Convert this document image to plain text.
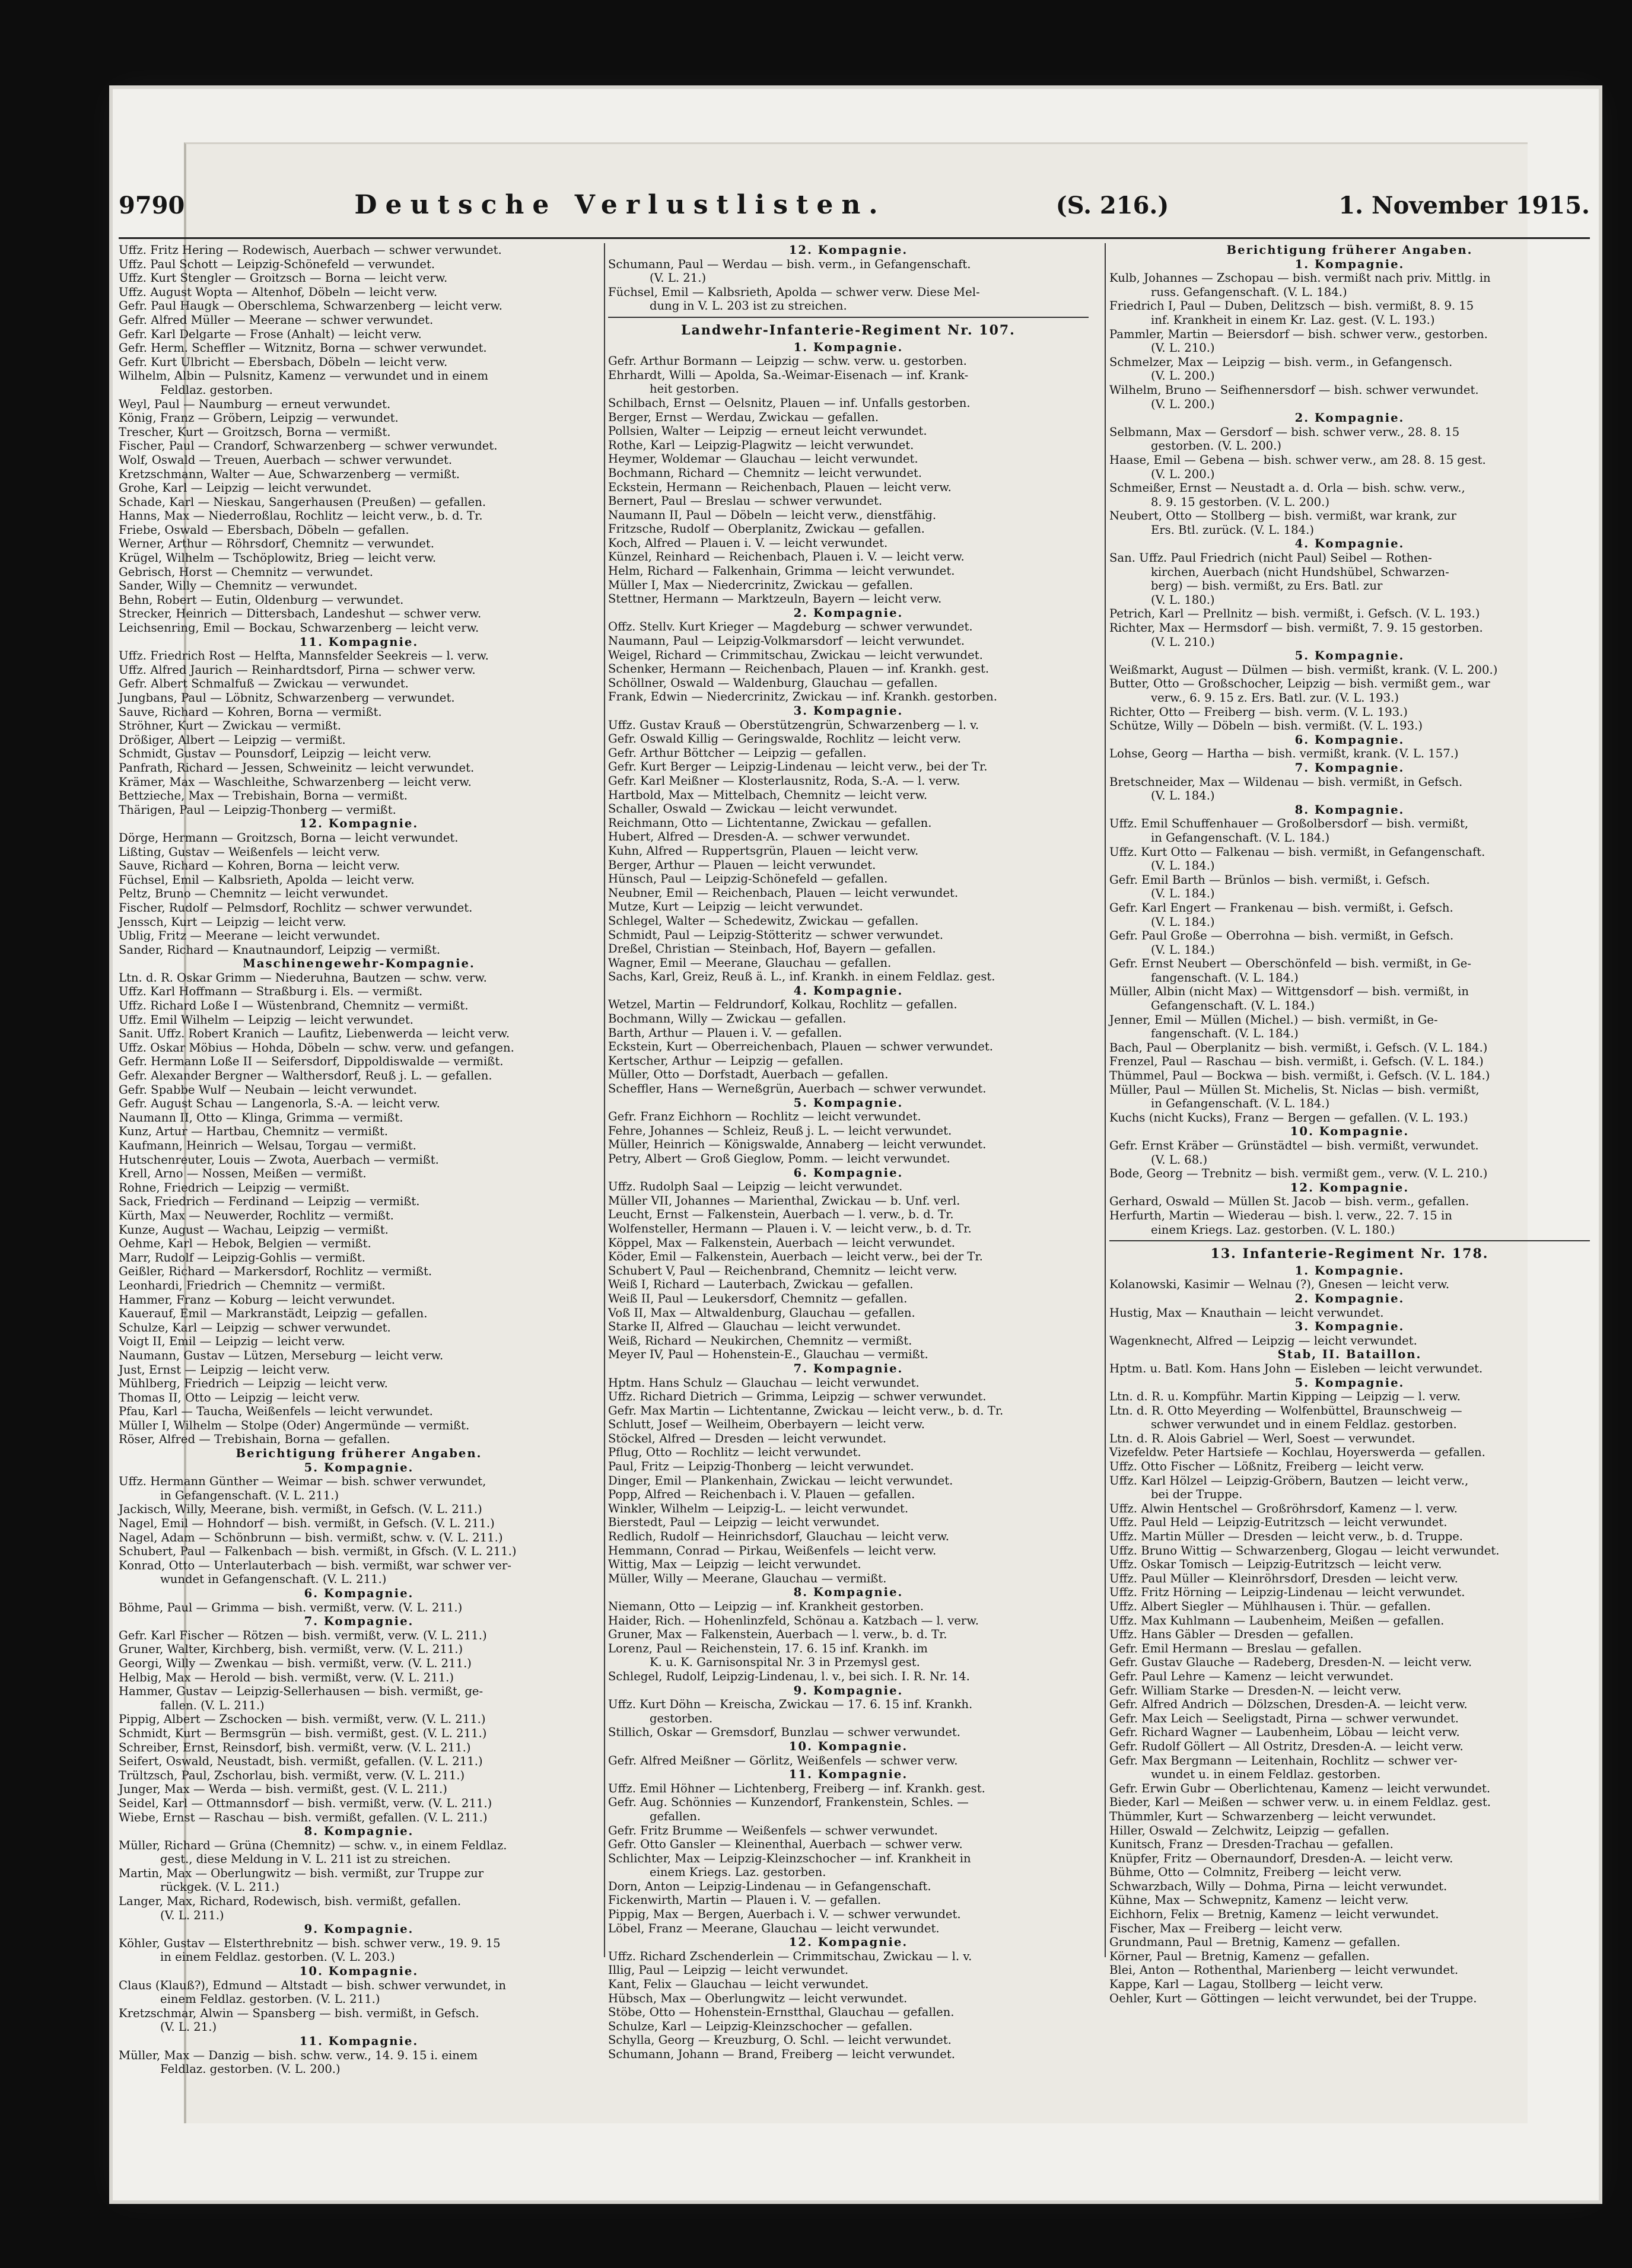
9790	Deutsche Verlustlisten.	(S. 216.)	1. November 1915.
Uffz. Fritz Hering — Rodewisch, Auerbach — schwer verwundet.
Uffz. Paul Schott — Leipzig-Schönefeld — verwundet.
Uffz. Kurt Stengler — Groitzsch — Borna — leicht verw.
Uffz. August Wopta — Altenhof, Döbeln — leicht verw.
Gefr. Paul Haugk — Oberschlema, Schwarzenberg — leicht verw.
Gefr. Alfred Müller — Meerane — schwer verwundet.
Gefr. Karl Delgarte — Frose (Anhalt) — leicht verw.
Gefr. Herm. Scheffler — Witznitz, Borna — schwer verwundet.
Gefr. Kurt Ulbricht — Ebersbach, Döbeln — leicht verw.
Wilhelm, Albin — Pulsnitz, Kamenz — verwundet und in einem
Feldlaz. gestorben.
Weyl, Paul — Naumburg — erneut verwundet.
König, Franz — Gröbern, Leipzig — verwundet.
Trescher, Kurt — Groitzsch, Borna — vermißt.
Fischer, Paul — Crandorf, Schwarzenberg — schwer verwundet.
Wolf, Oswald — Treuen, Auerbach — schwer verwundet.
Kretzschmann, Walter — Aue, Schwarzenberg — vermißt.
Grohe, Karl — Leipzig — leicht verwundet.
Schade, Karl — Nieskau, Sangerhausen (Preußen) — gefallen.
Hanns, Max — Niederroßlau, Rochlitz — leicht verw., b. d. Tr.
Friebe, Oswald — Ebersbach, Döbeln — gefallen.
Werner, Arthur — Röhrsdorf, Chemnitz — verwundet.
Krügel, Wilhelm — Tschöplowitz, Brieg — leicht verw.
Gebrisch, Horst — Chemnitz — verwundet.
Sander, Willy — Chemnitz — verwundet.
Behn, Robert — Eutin, Oldenburg — verwundet.
Strecker, Heinrich — Dittersbach, Landeshut — schwer verw.
Leichsenring, Emil — Bockau, Schwarzenberg — leicht verw.
11. Kompagnie.
Uffz. Friedrich Rost — Helfta, Mannsfelder Seekreis — l. verw.
Uffz. Alfred Jaurich — Reinhardtsdorf, Pirna — schwer verw.
Gefr. Albert Schmalfuß — Zwickau — verwundet.
Jungbans, Paul — Löbnitz, Schwarzenberg — verwundet.
Sauve, Richard — Kohren, Borna — vermißt.
Ströhner, Kurt — Zwickau — vermißt.
Drößiger, Albert — Leipzig — vermißt.
Schmidt, Gustav — Pounsdorf, Leipzig — leicht verw.
Panfrath, Richard — Jessen, Schweinitz — leicht verwundet.
Krämer, Max — Waschleithe, Schwarzenberg — leicht verw.
Bettzieche, Max — Trebishain, Borna — vermißt.
Thärigen, Paul — Leipzig-Thonberg — vermißt.
12. Kompagnie.
Dörge, Hermann — Groitzsch, Borna — leicht verwundet.
Lißting, Gustav — Weißenfels — leicht verw.
Sauve, Richard — Kohren, Borna — leicht verw.
Füchsel, Emil — Kalbsrieth, Apolda — leicht verw.
Peltz, Bruno — Chemnitz — leicht verwundet.
Fischer, Rudolf — Pelmsdorf, Rochlitz — schwer verwundet.
Jenssch, Kurt — Leipzig — leicht verw.
Ublig, Fritz — Meerane — leicht verwundet.
Sander, Richard — Knautnaundorf, Leipzig — vermißt.
Maschinengewehr-Kompagnie.
Ltn. d. R. Oskar Grimm — Niederuhna, Bautzen — schw. verw.
Uffz. Karl Hoffmann — Straßburg i. Els. — vermißt.
Uffz. Richard Loße I — Wüstenbrand, Chemnitz — vermißt.
Uffz. Emil Wilhelm — Leipzig — leicht verwundet.
Sanit. Uffz. Robert Kranich — Laufitz, Liebenwerda — leicht verw.
Uffz. Oskar Möbius — Hohda, Döbeln — schw. verw. und gefangen.
Gefr. Hermann Loße II — Seifersdorf, Dippoldiswalde — vermißt.
Gefr. Alexander Bergner — Walthersdorf, Reuß j. L. — gefallen.
Gefr. Spabbe Wulf — Neubain — leicht verwundet.
Gefr. August Schau — Langenorla, S.-A. — leicht verw.
Naumann II, Otto — Klinga, Grimma — vermißt.
Kunz, Artur — Hartbau, Chemnitz — vermißt.
Kaufmann, Heinrich — Welsau, Torgau — vermißt.
Hutschenreuter, Louis — Zwota, Auerbach — vermißt.
Krell, Arno — Nossen, Meißen — vermißt.
Rohne, Friedrich — Leipzig — vermißt.
Sack, Friedrich — Ferdinand — Leipzig — vermißt.
Kürth, Max — Neuwerder, Rochlitz — vermißt.
Kunze, August — Wachau, Leipzig — vermißt.
Oehme, Karl — Hebok, Belgien — vermißt.
Marr, Rudolf — Leipzig-Gohlis — vermißt.
Geißler, Richard — Markersdorf, Rochlitz — vermißt.
Leonhardi, Friedrich — Chemnitz — vermißt.
Hammer, Franz — Koburg — leicht verwundet.
Kauerauf, Emil — Markranstädt, Leipzig — gefallen.
Schulze, Karl — Leipzig — schwer verwundet.
Voigt II, Emil — Leipzig — leicht verw.
Naumann, Gustav — Lützen, Merseburg — leicht verw.
Just, Ernst — Leipzig — leicht verw.
Mühlberg, Friedrich — Leipzig — leicht verw.
Thomas II, Otto — Leipzig — leicht verw.
Pfau, Karl — Taucha, Weißenfels — leicht verwundet.
Müller I, Wilhelm — Stolpe (Oder) Angermünde — vermißt.
Röser, Alfred — Trebishain, Borna — gefallen.
Berichtigung früherer Angaben.
5. Kompagnie.
Uffz. Hermann Günther — Weimar — bish. schwer verwundet,
in Gefangenschaft. (V. L. 211.)
Jackisch, Willy, Meerane, bish. vermißt, in Gefsch. (V. L. 211.)
Nagel, Emil — Hohndorf — bish. vermißt, in Gefsch. (V. L. 211.)
Nagel, Adam — Schönbrunn — bish. vermißt, schw. v. (V. L. 211.)
Schubert, Paul — Falkenbach — bish. vermißt, in Gfsch. (V. L. 211.)
Konrad, Otto — Unterlauterbach — bish. vermißt, war schwer ver-
wundet in Gefangenschaft. (V. L. 211.)
6. Kompagnie.
Böhme, Paul — Grimma — bish. vermißt, verw. (V. L. 211.)
7. Kompagnie.
Gefr. Karl Fischer — Rötzen — bish. vermißt, verw. (V. L. 211.)
Gruner, Walter, Kirchberg, bish. vermißt, verw. (V. L. 211.)
Georgi, Willy — Zwenkau — bish. vermißt, verw. (V. L. 211.)
Helbig, Max — Herold — bish. vermißt, verw. (V. L. 211.)
Hammer, Gustav — Leipzig-Sellerhausen — bish. vermißt, ge-
fallen. (V. L. 211.)
Pippig, Albert — Zschocken — bish. vermißt, verw. (V. L. 211.)
Schmidt, Kurt — Bermsgrün — bish. vermißt, gest. (V. L. 211.)
Schreiber, Ernst, Reinsdorf, bish. vermißt, verw. (V. L. 211.)
Seifert, Oswald, Neustadt, bish. vermißt, gefallen. (V. L. 211.)
Trültzsch, Paul, Zschorlau, bish. vermißt, verw. (V. L. 211.)
Junger, Max — Werda — bish. vermißt, gest. (V. L. 211.)
Seidel, Karl — Ottmannsdorf — bish. vermißt, verw. (V. L. 211.)
Wiebe, Ernst — Raschau — bish. vermißt, gefallen. (V. L. 211.)
8. Kompagnie.
Müller, Richard — Grüna (Chemnitz) — schw. v., in einem Feldlaz.
gest., diese Meldung in V. L. 211 ist zu streichen.
Martin, Max — Oberlungwitz — bish. vermißt, zur Truppe zur
rückgek. (V. L. 211.)
Langer, Max, Richard, Rodewisch, bish. vermißt, gefallen.
(V. L. 211.)
9. Kompagnie.
Köhler, Gustav — Elsterthrebnitz — bish. schwer verw., 19. 9. 15
in einem Feldlaz. gestorben. (V. L. 203.)
10. Kompagnie.
Claus (Klauß?), Edmund — Altstadt — bish. schwer verwundet, in
einem Feldlaz. gestorben. (V. L. 211.)
Kretzschmar, Alwin — Spansberg — bish. vermißt, in Gefsch.
(V. L. 21.)
11. Kompagnie.
Müller, Max — Danzig — bish. schw. verw., 14. 9. 15 i. einem
Feldlaz. gestorben. (V. L. 200.)
12. Kompagnie.
Schumann, Paul — Werdau — bish. verm., in Gefangenschaft.
(V. L. 21.)
Füchsel, Emil — Kalbsrieth, Apolda — schwer verw. Diese Mel-
dung in V. L. 203 ist zu streichen.
Landwehr-Infanterie-Regiment Nr. 107.
1. Kompagnie.
Gefr. Arthur Bormann — Leipzig — schw. verw. u. gestorben.
Ehrhardt, Willi — Apolda, Sa.-Weimar-Eisenach — inf. Krank-
heit gestorben.
Schilbach, Ernst — Oelsnitz, Plauen — inf. Unfalls gestorben.
Berger, Ernst — Werdau, Zwickau — gefallen.
Pollsien, Walter — Leipzig — erneut leicht verwundet.
Rothe, Karl — Leipzig-Plagwitz — leicht verwundet.
Heymer, Woldemar — Glauchau — leicht verwundet.
Bochmann, Richard — Chemnitz — leicht verwundet.
Eckstein, Hermann — Reichenbach, Plauen — leicht verw.
Bernert, Paul — Breslau — schwer verwundet.
Naumann II, Paul — Döbeln — leicht verw., dienstfähig.
Fritzsche, Rudolf — Oberplanitz, Zwickau — gefallen.
Koch, Alfred — Plauen i. V. — leicht verwundet.
Künzel, Reinhard — Reichenbach, Plauen i. V. — leicht verw.
Helm, Richard — Falkenhain, Grimma — leicht verwundet.
Müller I, Max — Niedercrinitz, Zwickau — gefallen.
Stettner, Hermann — Marktzeuln, Bayern — leicht verw.
2. Kompagnie.
Offz. Stellv. Kurt Krieger — Magdeburg — schwer verwundet.
Naumann, Paul — Leipzig-Volkmarsdorf — leicht verwundet.
Weigel, Richard — Crimmitschau, Zwickau — leicht verwundet.
Schenker, Hermann — Reichenbach, Plauen — inf. Krankh. gest.
Schöllner, Oswald — Waldenburg, Glauchau — gefallen.
Frank, Edwin — Niedercrinitz, Zwickau — inf. Krankh. gestorben.
3. Kompagnie.
Uffz. Gustav Krauß — Oberstützengrün, Schwarzenberg — l. v.
Gefr. Oswald Killig — Geringswalde, Rochlitz — leicht verw.
Gefr. Arthur Böttcher — Leipzig — gefallen.
Gefr. Kurt Berger — Leipzig-Lindenau — leicht verw., bei der Tr.
Gefr. Karl Meißner — Klosterlausnitz, Roda, S.-A. — l. verw.
Hartbold, Max — Mittelbach, Chemnitz — leicht verw.
Schaller, Oswald — Zwickau — leicht verwundet.
Reichmann, Otto — Lichtentanne, Zwickau — gefallen.
Hubert, Alfred — Dresden-A. — schwer verwundet.
Kuhn, Alfred — Ruppertsgrün, Plauen — leicht verw.
Berger, Arthur — Plauen — leicht verwundet.
Hünsch, Paul — Leipzig-Schönefeld — gefallen.
Neubner, Emil — Reichenbach, Plauen — leicht verwundet.
Mutze, Kurt — Leipzig — leicht verwundet.
Schlegel, Walter — Schedewitz, Zwickau — gefallen.
Schmidt, Paul — Leipzig-Stötteritz — schwer verwundet.
Dreßel, Christian — Steinbach, Hof, Bayern — gefallen.
Wagner, Emil — Meerane, Glauchau — gefallen.
Sachs, Karl, Greiz, Reuß ä. L., inf. Krankh. in einem Feldlaz. gest.
4. Kompagnie.
Wetzel, Martin — Feldrundorf, Kolkau, Rochlitz — gefallen.
Bochmann, Willy — Zwickau — gefallen.
Barth, Arthur — Plauen i. V. — gefallen.
Eckstein, Kurt — Oberreichenbach, Plauen — schwer verwundet.
Kertscher, Arthur — Leipzig — gefallen.
Müller, Otto — Dorfstadt, Auerbach — gefallen.
Scheffler, Hans — Werneßgrün, Auerbach — schwer verwundet.
5. Kompagnie.
Gefr. Franz Eichhorn — Rochlitz — leicht verwundet.
Fehre, Johannes — Schleiz, Reuß j. L. — leicht verwundet.
Müller, Heinrich — Königswalde, Annaberg — leicht verwundet.
Petry, Albert — Groß Gieglow, Pomm. — leicht verwundet.
6. Kompagnie.
Uffz. Rudolph Saal — Leipzig — leicht verwundet.
Müller VII, Johannes — Marienthal, Zwickau — b. Unf. verl.
Leucht, Ernst — Falkenstein, Auerbach — l. verw., b. d. Tr.
Wolfensteller, Hermann — Plauen i. V. — leicht verw., b. d. Tr.
Köppel, Max — Falkenstein, Auerbach — leicht verwundet.
Köder, Emil — Falkenstein, Auerbach — leicht verw., bei der Tr.
Schubert V, Paul — Reichenbrand, Chemnitz — leicht verw.
Weiß I, Richard — Lauterbach, Zwickau — gefallen.
Weiß II, Paul — Leukersdorf, Chemnitz — gefallen.
Voß II, Max — Altwaldenburg, Glauchau — gefallen.
Starke II, Alfred — Glauchau — leicht verwundet.
Weiß, Richard — Neukirchen, Chemnitz — vermißt.
Meyer IV, Paul — Hohenstein-E., Glauchau — vermißt.
7. Kompagnie.
Hptm. Hans Schulz — Glauchau — leicht verwundet.
Uffz. Richard Dietrich — Grimma, Leipzig — schwer verwundet.
Gefr. Max Martin — Lichtentanne, Zwickau — leicht verw., b. d. Tr.
Schlutt, Josef — Weilheim, Oberbayern — leicht verw.
Stöckel, Alfred — Dresden — leicht verwundet.
Pflug, Otto — Rochlitz — leicht verwundet.
Paul, Fritz — Leipzig-Thonberg — leicht verwundet.
Dinger, Emil — Plankenhain, Zwickau — leicht verwundet.
Popp, Alfred — Reichenbach i. V. Plauen — gefallen.
Winkler, Wilhelm — Leipzig-L. — leicht verwundet.
Bierstedt, Paul — Leipzig — leicht verwundet.
Redlich, Rudolf — Heinrichsdorf, Glauchau — leicht verw.
Hemmann, Conrad — Pirkau, Weißenfels — leicht verw.
Wittig, Max — Leipzig — leicht verwundet.
Müller, Willy — Meerane, Glauchau — vermißt.
8. Kompagnie.
Niemann, Otto — Leipzig — inf. Krankheit gestorben.
Haider, Rich. — Hohenlinzfeld, Schönau a. Katzbach — l. verw.
Gruner, Max — Falkenstein, Auerbach — l. verw., b. d. Tr.
Lorenz, Paul — Reichenstein, 17. 6. 15 inf. Krankh. im
K. u. K. Garnisonspital Nr. 3 in Przemysl gest.
Schlegel, Rudolf, Leipzig-Lindenau, l. v., bei sich. I. R. Nr. 14.
9. Kompagnie.
Uffz. Kurt Döhn — Kreischa, Zwickau — 17. 6. 15 inf. Krankh.
gestorben.
Stillich, Oskar — Gremsdorf, Bunzlau — schwer verwundet.
10. Kompagnie.
Gefr. Alfred Meißner — Görlitz, Weißenfels — schwer verw.
11. Kompagnie.
Uffz. Emil Höhner — Lichtenberg, Freiberg — inf. Krankh. gest.
Gefr. Aug. Schönnies — Kunzendorf, Frankenstein, Schles. —
gefallen.
Gefr. Fritz Brumme — Weißenfels — schwer verwundet.
Gefr. Otto Gansler — Kleinenthal, Auerbach — schwer verw.
Schlichter, Max — Leipzig-Kleinzschocher — inf. Krankheit in
einem Kriegs. Laz. gestorben.
Dorn, Anton — Leipzig-Lindenau — in Gefangenschaft.
Fickenwirth, Martin — Plauen i. V. — gefallen.
Pippig, Max — Bergen, Auerbach i. V. — schwer verwundet.
Löbel, Franz — Meerane, Glauchau — leicht verwundet.
12. Kompagnie.
Uffz. Richard Zschenderlein — Crimmitschau, Zwickau — l. v.
Illig, Paul — Leipzig — leicht verwundet.
Kant, Felix — Glauchau — leicht verwundet.
Hübsch, Max — Oberlungwitz — leicht verwundet.
Stöbe, Otto — Hohenstein-Ernstthal, Glauchau — gefallen.
Schulze, Karl — Leipzig-Kleinzschocher — gefallen.
Schylla, Georg — Kreuzburg, O. Schl. — leicht verwundet.
Schumann, Johann — Brand, Freiberg — leicht verwundet.
Berichtigung früherer Angaben.
1. Kompagnie.
Kulb, Johannes — Zschopau — bish. vermißt nach priv. Mittlg. in
russ. Gefangenschaft. (V. L. 184.)
Friedrich I, Paul — Duben, Delitzsch — bish. vermißt, 8. 9. 15
inf. Krankheit in einem Kr. Laz. gest. (V. L. 193.)
Pammler, Martin — Beiersdorf — bish. schwer verw., gestorben.
(V. L. 210.)
Schmelzer, Max — Leipzig — bish. verm., in Gefangensch.
(V. L. 200.)
Wilhelm, Bruno — Seifhennersdorf — bish. schwer verwundet.
(V. L. 200.)
2. Kompagnie.
Selbmann, Max — Gersdorf — bish. schwer verw., 28. 8. 15
gestorben. (V. L. 200.)
Haase, Emil — Gebena — bish. schwer verw., am 28. 8. 15 gest.
(V. L. 200.)
Schmeißer, Ernst — Neustadt a. d. Orla — bish. schw. verw.,
8. 9. 15 gestorben. (V. L. 200.)
Neubert, Otto — Stollberg — bish. vermißt, war krank, zur
Ers. Btl. zurück. (V. L. 184.)
4. Kompagnie.
San. Uffz. Paul Friedrich (nicht Paul) Seibel — Rothen-
kirchen, Auerbach (nicht Hundshübel, Schwarzen-
berg) — bish. vermißt, zu Ers. Batl. zur
(V. L. 180.)
Petrich, Karl — Prellnitz — bish. vermißt, i. Gefsch. (V. L. 193.)
Richter, Max — Hermsdorf — bish. vermißt, 7. 9. 15 gestorben.
(V. L. 210.)
5. Kompagnie.
Weißmarkt, August — Dülmen — bish. vermißt, krank. (V. L. 200.)
Butter, Otto — Großschocher, Leipzig — bish. vermißt gem., war
verw., 6. 9. 15 z. Ers. Batl. zur. (V. L. 193.)
Richter, Otto — Freiberg — bish. verm. (V. L. 193.)
Schütze, Willy — Döbeln — bish. vermißt. (V. L. 193.)
6. Kompagnie.
Lohse, Georg — Hartha — bish. vermißt, krank. (V. L. 157.)
7. Kompagnie.
Bretschneider, Max — Wildenau — bish. vermißt, in Gefsch.
(V. L. 184.)
8. Kompagnie.
Uffz. Emil Schuffenhauer — Großolbersdorf — bish. vermißt,
in Gefangenschaft. (V. L. 184.)
Uffz. Kurt Otto — Falkenau — bish. vermißt, in Gefangenschaft.
(V. L. 184.)
Gefr. Emil Barth — Brünlos — bish. vermißt, i. Gefsch.
(V. L. 184.)
Gefr. Karl Engert — Frankenau — bish. vermißt, i. Gefsch.
(V. L. 184.)
Gefr. Paul Große — Oberrohna — bish. vermißt, in Gefsch.
(V. L. 184.)
Gefr. Ernst Neubert — Oberschönfeld — bish. vermißt, in Ge-
fangenschaft. (V. L. 184.)
Müller, Albin (nicht Max) — Wittgensdorf — bish. vermißt, in
Gefangenschaft. (V. L. 184.)
Jenner, Emil — Müllen (Michel.) — bish. vermißt, in Ge-
fangenschaft. (V. L. 184.)
Bach, Paul — Oberplanitz — bish. vermißt, i. Gefsch. (V. L. 184.)
Frenzel, Paul — Raschau — bish. vermißt, i. Gefsch. (V. L. 184.)
Thümmel, Paul — Bockwa — bish. vermißt, i. Gefsch. (V. L. 184.)
Müller, Paul — Müllen St. Michelis, St. Niclas — bish. vermißt,
in Gefangenschaft. (V. L. 184.)
Kuchs (nicht Kucks), Franz — Bergen — gefallen. (V. L. 193.)
10. Kompagnie.
Gefr. Ernst Kräber — Grünstädtel — bish. vermißt, verwundet.
(V. L. 68.)
Bode, Georg — Trebnitz — bish. vermißt gem., verw. (V. L. 210.)
12. Kompagnie.
Gerhard, Oswald — Müllen St. Jacob — bish. verm., gefallen.
Herfurth, Martin — Wiederau — bish. l. verw., 22. 7. 15 in
einem Kriegs. Laz. gestorben. (V. L. 180.)
13. Infanterie-Regiment Nr. 178.
1. Kompagnie.
Kolanowski, Kasimir — Welnau (?), Gnesen — leicht verw.
2. Kompagnie.
Hustig, Max — Knauthain — leicht verwundet.
3. Kompagnie.
Wagenknecht, Alfred — Leipzig — leicht verwundet.
Stab, II. Bataillon.
Hptm. u. Batl. Kom. Hans John — Eisleben — leicht verwundet.
5. Kompagnie.
Ltn. d. R. u. Kompführ. Martin Kipping — Leipzig — l. verw.
Ltn. d. R. Otto Meyerding — Wolfenbüttel, Braunschweig —
schwer verwundet und in einem Feldlaz. gestorben.
Ltn. d. R. Alois Gabriel — Werl, Soest — verwundet.
Vizefeldw. Peter Hartsiefe — Kochlau, Hoyerswerda — gefallen.
Uffz. Otto Fischer — Lößnitz, Freiberg — leicht verw.
Uffz. Karl Hölzel — Leipzig-Gröbern, Bautzen — leicht verw.,
bei der Truppe.
Uffz. Alwin Hentschel — Großröhrsdorf, Kamenz — l. verw.
Uffz. Paul Held — Leipzig-Eutritzsch — leicht verwundet.
Uffz. Martin Müller — Dresden — leicht verw., b. d. Truppe.
Uffz. Bruno Wittig — Schwarzenberg, Glogau — leicht verwundet.
Uffz. Oskar Tomisch — Leipzig-Eutritzsch — leicht verw.
Uffz. Paul Müller — Kleinröhrsdorf, Dresden — leicht verw.
Uffz. Fritz Hörning — Leipzig-Lindenau — leicht verwundet.
Uffz. Albert Siegler — Mühlhausen i. Thür. — gefallen.
Uffz. Max Kuhlmann — Laubenheim, Meißen — gefallen.
Uffz. Hans Gäbler — Dresden — gefallen.
Gefr. Emil Hermann — Breslau — gefallen.
Gefr. Gustav Glauche — Radeberg, Dresden-N. — leicht verw.
Gefr. Paul Lehre — Kamenz — leicht verwundet.
Gefr. William Starke — Dresden-N. — leicht verw.
Gefr. Alfred Andrich — Dölzschen, Dresden-A. — leicht verw.
Gefr. Max Leich — Seeligstadt, Pirna — schwer verwundet.
Gefr. Richard Wagner — Laubenheim, Löbau — leicht verw.
Gefr. Rudolf Göllert — All Ostritz, Dresden-A. — leicht verw.
Gefr. Max Bergmann — Leitenhain, Rochlitz — schwer ver-
wundet u. in einem Feldlaz. gestorben.
Gefr. Erwin Gubr — Oberlichtenau, Kamenz — leicht verwundet.
Bieder, Karl — Meißen — schwer verw. u. in einem Feldlaz. gest.
Thümmler, Kurt — Schwarzenberg — leicht verwundet.
Hiller, Oswald — Zelchwitz, Leipzig — gefallen.
Kunitsch, Franz — Dresden-Trachau — gefallen.
Knüpfer, Fritz — Obernaundorf, Dresden-A. — leicht verw.
Bühme, Otto — Colmnitz, Freiberg — leicht verw.
Schwarzbach, Willy — Dohma, Pirna — leicht verwundet.
Kühne, Max — Schwepnitz, Kamenz — leicht verw.
Eichhorn, Felix — Bretnig, Kamenz — leicht verwundet.
Fischer, Max — Freiberg — leicht verw.
Grundmann, Paul — Bretnig, Kamenz — gefallen.
Körner, Paul — Bretnig, Kamenz — gefallen.
Blei, Anton — Rothenthal, Marienberg — leicht verwundet.
Kappe, Karl — Lagau, Stollberg — leicht verw.
Oehler, Kurt — Göttingen — leicht verwundet, bei der Truppe.
